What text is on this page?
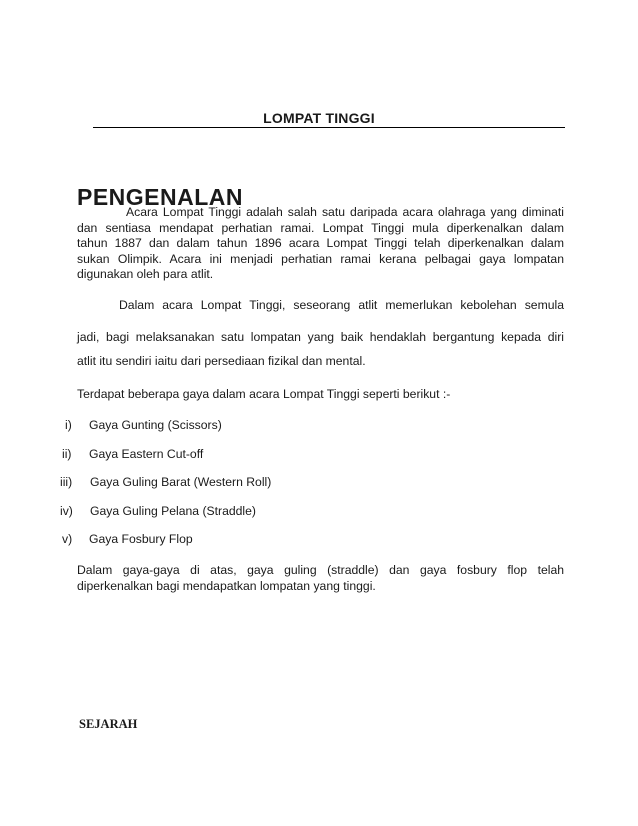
LOMPAT TINGGI
PENGENALAN
Acara Lompat Tinggi adalah salah satu daripada acara olahraga yang diminati
dan sentiasa mendapat perhatian ramai. Lompat Tinggi mula diperkenalkan dalam
tahun 1887 dan dalam tahun 1896 acara Lompat Tinggi telah diperkenalkan dalam
sukan Olimpik. Acara ini menjadi perhatian ramai kerana pelbagai gaya lompatan
digunakan oleh para atlit.
Dalam acara Lompat Tinggi, seseorang atlit memerlukan kebolehan semula
jadi, bagi melaksanakan satu lompatan yang baik hendaklah bergantung kepada diri
atlit itu sendiri iaitu dari persediaan fizikal dan mental.
Terdapat beberapa gaya dalam acara Lompat Tinggi seperti berikut :-
i) Gaya Gunting (Scissors)
ii) Gaya Eastern Cut-off
iii) Gaya Guling Barat (Western Roll)
iv) Gaya Guling Pelana (Straddle)
v) Gaya Fosbury Flop
Dalam gaya-gaya di atas, gaya guling (straddle) dan gaya fosbury flop telah
diperkenalkan bagi mendapatkan lompatan yang tinggi.
SEJARAH
